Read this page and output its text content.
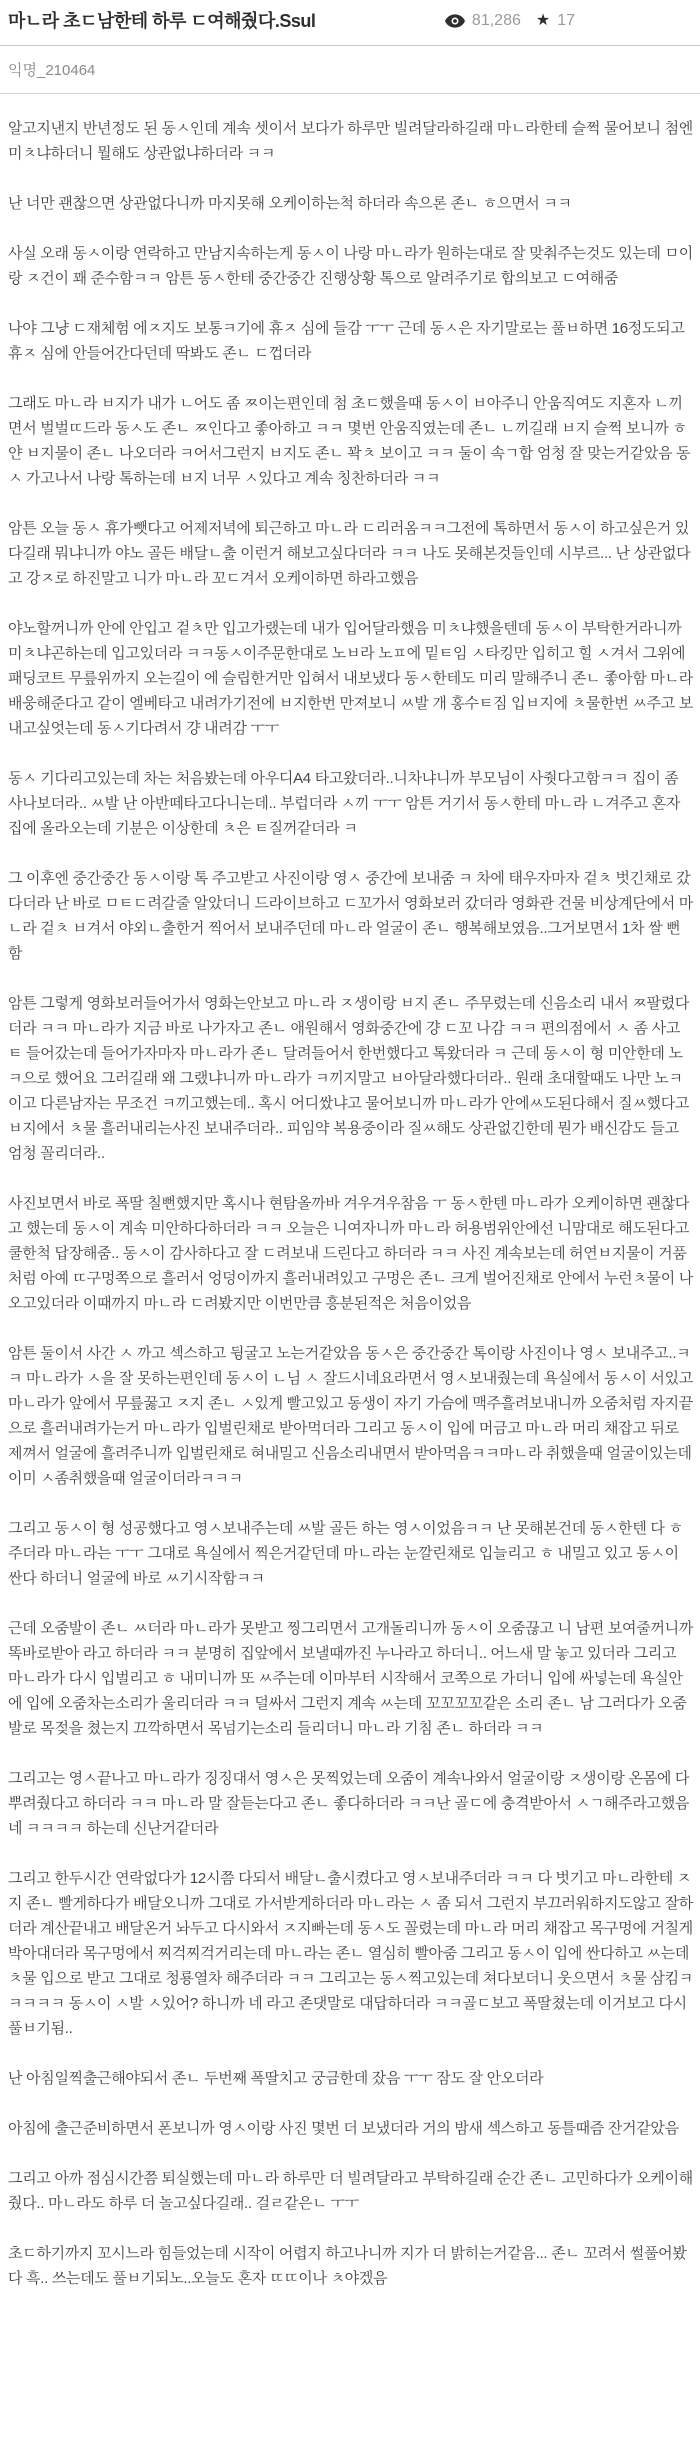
마ㄴ라 초ㄷ남한테 하루 ㄷ여해줬다.Ssul	81,286 ★ 17
익명_210464

알고지낸지 반년정도 된 동ㅅ인데 계속 셋이서 보다가 하루만 빌려달라하길래 마ㄴ라한테 슬쩍 물어보니 첨엔 미ㅊ냐하더니 뭘해도 상관없냐하더라 ㅋㅋ

난 너만 괜찮으면 상관없다니까 마지못해 오케이하는척 하더라 속으론 존ㄴ ㅎ으면서 ㅋㅋ

사실 오래 동ㅅ이랑 연락하고 만남지속하는게 동ㅅ이 나랑 마ㄴ라가 원하는대로 잘 맞춰주는것도 있는데 ㅁ이랑 ㅈ건이 꽤 준수함ㅋㅋ 암튼 동ㅅ한테 중간중간 진행상황 톡으로 알려주기로 합의보고 ㄷ여해줌

나야 그냥 ㄷ재체험 에ㅈ지도 보통ㅋ기에 휴ㅈ 심에 들감 ㅜㅜ 근데 동ㅅ은 자기말로는 풀ㅂ하면 16정도되고 휴ㅈ 심에 안들어간다던데 딱봐도 존ㄴ ㄷ껍더라

그래도 마ㄴ라 ㅂ지가 내가 ㄴ어도 좀 ㅉ이는편인데 첨 초ㄷ했을때 동ㅅ이 ㅂ아주니 안움직여도 지혼자 ㄴ끼면서 벌벌ㄸ드라 동ㅅ도 존ㄴ ㅉ인다고 좋아하고 ㅋㅋ 몇번 안움직였는데 존ㄴ ㄴ끼길래 ㅂ지 슬쩍 보니까 ㅎ얀 ㅂ지물이 존ㄴ 나오더라 ㅋ어서그런지 ㅂ지도 존ㄴ 꽉ㅊ 보이고 ㅋㅋ 둘이 속ㄱ합 엄청 잘 맞는거같았음 동ㅅ 가고나서 나랑 톡하는데 ㅂ지 너무 ㅅ있다고 계속 칭찬하더라 ㅋㅋ

암튼 오늘 동ㅅ 휴가뺏다고 어제저녁에 퇴근하고 마ㄴ라 ㄷ리러옴ㅋㅋ그전에 톡하면서 동ㅅ이 하고싶은거 있다길래 뭐냐니까 야노 골든 배달ㄴ출 이런거 해보고싶다더라 ㅋㅋ 나도 못해본것들인데 시부르... 난 상관없다고 강ㅈ로 하진말고 니가 마ㄴ라 꼬ㄷ겨서 오케이하면 하라고했음

야노할꺼니까 안에 안입고 겉ㅊ만 입고가랬는데 내가 입어달라했음 미ㅊ냐했을텐데 동ㅅ이 부탁한거라니까 미ㅊ냐곤하는데 입고있더라 ㅋㅋ동ㅅ이주문한대로 노ㅂ라 노ㅍ에 밑ㅌ임 ㅅ타킹만 입히고 힐 ㅅ겨서 그위에 패딩코트 무릎위까지 오는길이 에 슬립한거만 입혀서 내보냈다 동ㅅ한테도 미리 말해주니 존ㄴ 좋아함 마ㄴ라 배웅해준다고 같이 엘베타고 내려가기전에 ㅂ지한번 만져보니 ㅆ발 개 홍수ㅌ짐 입ㅂ지에 ㅊ물한번 ㅆ주고 보내고싶엇는데 동ㅅ기다려서 걍 내려감 ㅜㅜ

동ㅅ 기다리고있는데 차는 처음봤는데 아우디A4 타고왔더라..니차냐니까 부모님이 사줫다고함ㅋㅋ 집이 좀 사나보더라.. ㅆ발 난 아반떼타고다니는데.. 부럽더라 ㅅ끼 ㅜㅜ 암튼 거기서 동ㅅ한테 마ㄴ라 ㄴ겨주고 혼자 집에 올라오는데 기분은 이상한데 ㅊ은 ㅌ질꺼같더라 ㅋ

그 이후엔 중간중간 동ㅅ이랑 톡 주고받고 사진이랑 영ㅅ 중간에 보내줌 ㅋ 차에 태우자마자 겉ㅊ 벗긴채로 갔다더라 난 바로 ㅁㅌㄷ려갈줄 알았더니 드라이브하고 ㄷ꼬가서 영화보러 갔더라 영화관 건물 비상계단에서 마ㄴ라 겉ㅊ ㅂ겨서 야외ㄴ출한거 찍어서 보내주던데 마ㄴ라 얼굴이 존ㄴ 행복해보였음..그거보면서 1차 쌀 뻔함

암튼 그렇게 영화보러들어가서 영화는안보고 마ㄴ라 ㅈ생이랑 ㅂ지 존ㄴ 주무렸는데 신음소리 내서 ㅉ팔렸다더라 ㅋㅋ 마ㄴ라가 지금 바로 나가자고 존ㄴ 애원해서 영화중간에 걍 ㄷ꼬 나감 ㅋㅋ 편의점에서 ㅅ 좀 사고 ㅌ 들어갔는데 들어가자마자 마ㄴ라가 존ㄴ 달려들어서 한번했다고 톡왔더라 ㅋ 근데 동ㅅ이 형 미안한데 노ㅋ으로 했어요 그러길래 왜 그랬냐니까 마ㄴ라가 ㅋ끼지말고 ㅂ아달라했다더라.. 원래 초대할때도 나만 노ㅋ이고 다른남자는 무조건 ㅋ끼고했는데.. 혹시 어디쌌냐고 물어보니까 마ㄴ라가 안에ㅆ도된다해서 질ㅆ했다고 ㅂ지에서 ㅊ물 흘러내리는사진 보내주더라.. 피임약 복용중이라 질ㅆ해도 상관없긴한데 뭔가 배신감도 들고 엄청 꼴리더라..

사진보면서 바로 폭딸 칠뻔했지만 혹시나 현탐올까바 겨우겨우참음 ㅜ 동ㅅ한텐 마ㄴ라가 오케이하면 괜찮다고 했는데 동ㅅ이 계속 미안하다하더라 ㅋㅋ 오늘은 니여자니까 마ㄴ라 허용범위안에선 니맘대로 해도된다고 쿨한척 답장해줌.. 동ㅅ이 감사하다고 잘 ㄷ려보내 드린다고 하더라 ㅋㅋ 사진 계속보는데 허연ㅂ지물이 거품처럼 아예 ㄸ구멍쪽으로 흘러서 엉덩이까지 흘러내려있고 구멍은 존ㄴ 크게 벌어진채로 안에서 누런ㅊ물이 나오고있더라 이때까지 마ㄴ라 ㄷ려봤지만 이번만큼 흥분된적은 처음이었음

암튼 둘이서 사간 ㅅ 까고 섹스하고 뒹굴고 노는거같았음 동ㅅ은 중간중간 톡이랑 사진이나 영ㅅ 보내주고..ㅋㅋ 마ㄴ라가 ㅅ을 잘 못하는편인데 동ㅅ이 ㄴ님 ㅅ 잘드시네요라면서 영ㅅ보내줬는데 욕실에서 동ㅅ이 서있고 마ㄴ라가 앞에서 무릎꿇고 ㅈ지 존ㄴ ㅅ있게 빨고있고 동생이 자기 가슴에 맥주흘려보내니까 오줌처럼 자지끝으로 흘러내려가는거 마ㄴ라가 입벌린채로 받아먹더라 그리고 동ㅅ이 입에 머금고 마ㄴ라 머리 채잡고 뒤로 제껴서 얼굴에 흘려주니까 입벌린채로 혀내밀고 신음소리내면서 받아먹음ㅋㅋ마ㄴ라 취했을때 얼굴이있는데 이미 ㅅ좀취했을때 얼굴이더라ㅋㅋㅋ

그리고 동ㅅ이 형 성공했다고 영ㅅ보내주는데 ㅆ발 골든 하는 영ㅅ이었음ㅋㅋ 난 못해본건데 동ㅅ한텐 다 ㅎ주더라 마ㄴ라는 ㅜㅜ 그대로 욕실에서 찍은거같던데 마ㄴ라는 눈깔린채로 입늘리고 ㅎ 내밀고 있고 동ㅅ이 싼다 하더니 얼굴에 바로 ㅆ기시작함ㅋㅋ

근데 오줌발이 존ㄴ ㅆ더라 마ㄴ라가 못받고 찡그리면서 고개돌리니까 동ㅅ이 오줌끊고 니 남편 보여줄꺼니까 똑바로받아 라고 하더라 ㅋㅋ 분명히 집앞에서 보낼때까진 누나라고 하더니.. 어느새 말 놓고 있더라 그리고 마ㄴ라가 다시 입벌리고 ㅎ 내미니까 또 ㅆ주는데 이마부터 시작해서 코쪽으로 가더니 입에 싸넣는데 욕실안에 입에 오줌차는소리가 울리더라 ㅋㅋ 덜싸서 그런지 계속 ㅆ는데 꼬꼬꼬꼬같은 소리 존ㄴ 남 그러다가 오줌발로 목젖을 쳤는지 끄깍하면서 목넘기는소리 들리더니 마ㄴ라 기침 존ㄴ 하더라 ㅋㅋ

그리고는 영ㅅ끝나고 마ㄴ라가 징징대서 영ㅅ은 못찍었는데 오줌이 계속나와서 얼굴이랑 ㅈ생이랑 온몸에 다 뿌려줬다고 하더라 ㅋㅋ 마ㄴ라 말 잘듣는다고 존ㄴ 좋다하더라 ㅋㅋ난 골ㄷ에 충격받아서 ㅅㄱ해주라고했음 네 ㅋㅋㅋㅋ 하는데 신난거같더라

그리고 한두시간 연락없다가 12시쯤 다되서 배달ㄴ출시켰다고 영ㅅ보내주더라 ㅋㅋ 다 벗기고 마ㄴ라한테 ㅈ지 존ㄴ 빨게하다가 배달오니까 그대로 가서받게하더라 마ㄴ라는 ㅅ 좀 되서 그런지 부끄러워하지도않고 잘하더라 계산끝내고 배달온거 놔두고 다시와서 ㅈ지빠는데 동ㅅ도 꼴렸는데 마ㄴ라 머리 채잡고 목구멍에 거칠게 박아대더라 목구멍에서 찌걱찌걱거리는데 마ㄴ라는 존ㄴ 열심히 빨아줌 그리고 동ㅅ이 입에 싼다하고 ㅆ는데 ㅊ물 입으로 받고 그대로 청룡열차 해주더라 ㅋㅋ 그리고는 동ㅅ찍고있는데 쳐다보더니 웃으면서 ㅊ물 삼킴ㅋㅋㅋㅋㅋ 동ㅅ이 ㅅ발 ㅅ있어? 하니까 네 라고 존댓말로 대답하더라 ㅋㅋ골ㄷ보고 폭딸쳤는데 이거보고 다시 풀ㅂ기됨..

난 아침일찍출근해야되서 존ㄴ 두번째 폭딸치고 궁금한데 잤음 ㅜㅜ 잠도 잘 안오더라

아침에 출근준비하면서 폰보니까 영ㅅ이랑 사진 몇번 더 보냈더라 거의 밤새 섹스하고 동틀때즘 잔거같았음

그리고 아까 점심시간쯤 퇴실했는데 마ㄴ라 하루만 더 빌려달라고 부탁하길래 순간 존ㄴ 고민하다가 오케이해줬다.. 마ㄴ라도 하루 더 놀고싶다길래.. 걸ㄹ같은ㄴ ㅜㅜ

초ㄷ하기까지 꼬시느라 힘들었는데 시작이 어렵지 하고나니까 지가 더 밝히는거같음... 존ㄴ 꼬려서 썰풀어봤다 흑.. 쓰는데도 풀ㅂ기되노..오늘도 혼자 ㄸㄸ이나 ㅊ야겠음
